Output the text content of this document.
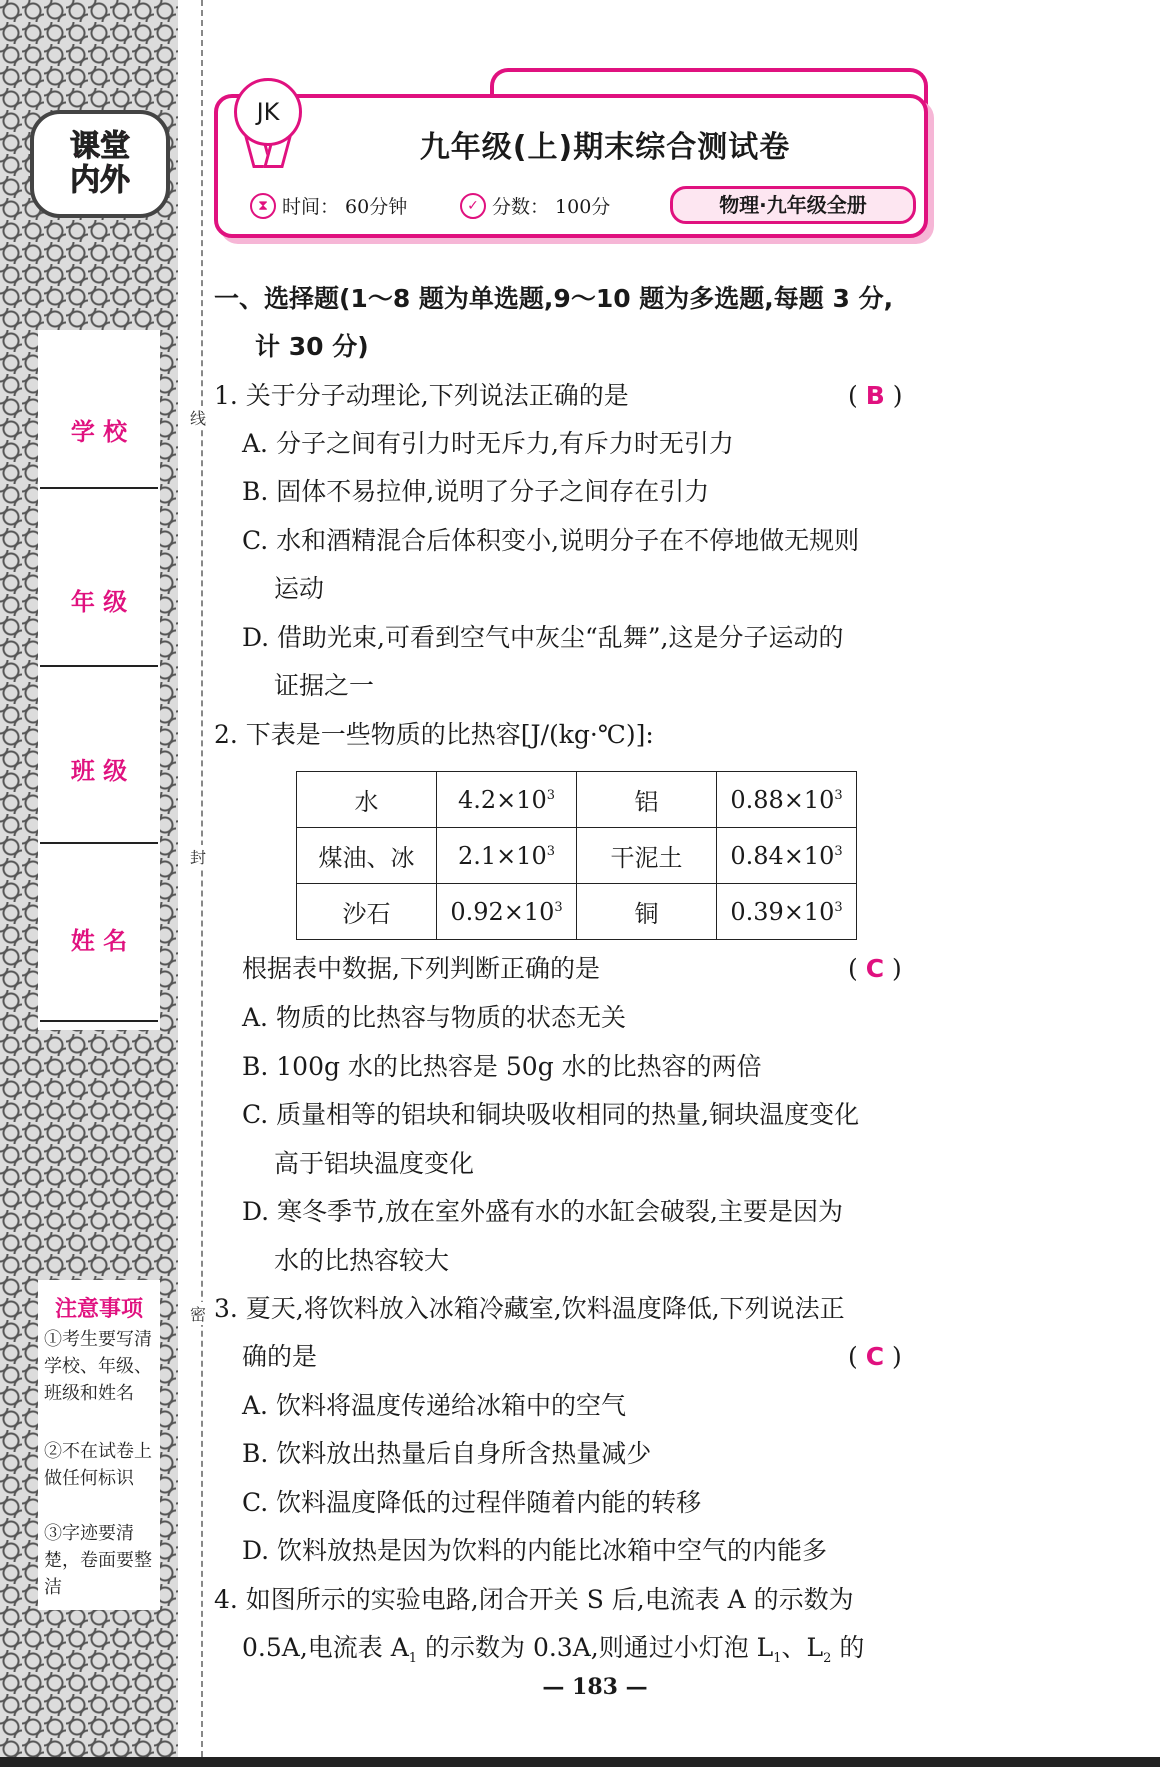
课堂
内外
学 校
年 级
班 级
姓 名
注意事项
①考生要写清学校、年级、班级和姓名
②不在试卷上做任何标识
③字迹要清楚，卷面要整洁
线
封
密
JK
九年级(上)期末综合测试卷
⧗ 时间： 60分钟	✓ 分数： 100分	物理·九年级全册
一、选择题(1～8 题为单选题,9～10 题为多选题,每题 3 分,
计 30 分)
1. 关于分子动理论,下列说法正确的是	( B )
A. 分子之间有引力时无斥力,有斥力时无引力
B. 固体不易拉伸,说明了分子之间存在引力
C. 水和酒精混合后体积变小,说明分子在不停地做无规则
运动
D. 借助光束,可看到空气中灰尘“乱舞”,这是分子运动的
证据之一
2. 下表是一些物质的比热容[J/(kg·℃)]:
水	$4.2\times 10^3$	铝	$0.88\times 10^3$
煤油、冰	$2.1\times 10^3$	干泥土	$0.84\times 10^3$
沙石	$0.92\times 10^3$	铜	$0.39\times 10^3$
根据表中数据,下列判断正确的是	( C )
A. 物质的比热容与物质的状态无关
B. 100g 水的比热容是 50g 水的比热容的两倍
C. 质量相等的铝块和铜块吸收相同的热量,铜块温度变化
高于铝块温度变化
D. 寒冬季节,放在室外盛有水的水缸会破裂,主要是因为
水的比热容较大
3. 夏天,将饮料放入冰箱冷藏室,饮料温度降低,下列说法正
确的是	( C )
A. 饮料将温度传递给冰箱中的空气
B. 饮料放出热量后自身所含热量减少
C. 饮料温度降低的过程伴随着内能的转移
D. 饮料放热是因为饮料的内能比冰箱中空气的内能多
4. 如图所示的实验电路,闭合开关 S 后,电流表 A 的示数为
0.5A,电流表 $A_1$ 的示数为 0.3A,则通过小灯泡 $L_1$、$L_2$ 的
— 183 —
